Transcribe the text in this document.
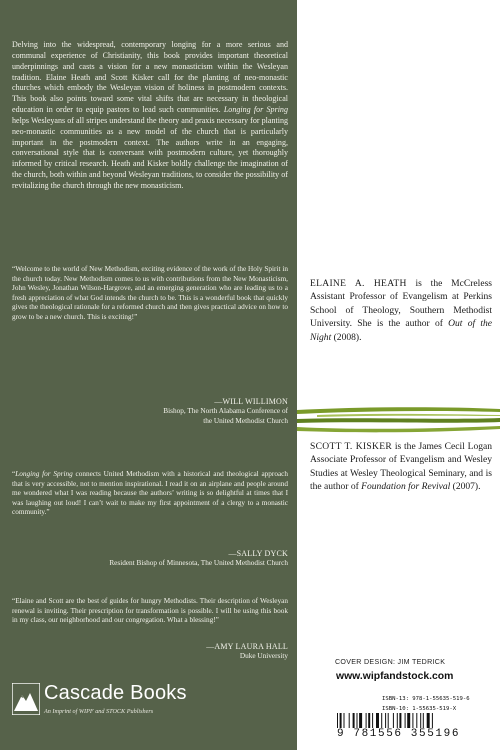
Delving into the widespread, contemporary longing for a more serious and communal experience of Christianity, this book provides important theoretical underpinnings and casts a vision for a new monasticism within the Wesleyan tradition. Elaine Heath and Scott Kisker call for the planting of neo-monastic churches which embody the Wesleyan vision of holiness in postmodern contexts. This book also points toward some vital shifts that are necessary in theological education in order to equip pastors to lead such communities. Longing for Spring helps Wesleyans of all stripes understand the theory and praxis necessary for planting neo-monastic communities as a new model of the church that is particularly important in the postmodern context. The authors write in an engaging, conversational style that is conversant with postmodern culture, yet thoroughly informed by critical research. Heath and Kisker boldly challenge the imagination of the church, both within and beyond Wesleyan traditions, to consider the possibility of revitalizing the church through the new monasticism.

“Welcome to the world of New Methodism, exciting evidence of the work of the Holy Spirit in the church today. New Methodism comes to us with contributions from the New Monasticism, John Wesley, Jonathan Wilson-Hargrove, and an emerging generation who are leading us to a fresh appreciation of what God intends the church to be. This is a wonderful book that quickly gives the theological rationale for a reformed church and then gives practical advice on how to grow to be a new church. This is exciting!”

—WILL WILLIMON
Bishop, The North Alabama Conference of
the United Methodist Church

“Longing for Spring connects United Methodism with a historical and theological approach that is very accessible, not to mention inspirational. I read it on an airplane and people around me wondered what I was reading because the authors’ writing is so delightful at times that I was laughing out loud! I can’t wait to make my first appointment of a clergy to a monastic community.”

—SALLY DYCK
Resident Bishop of Minnesota, The United Methodist Church

“Elaine and Scott are the best of guides for hungry Methodists. Their description of Wesleyan renewal is inviting. Their prescription for transformation is possible. I will be using this book in my class, our neighborhood and our congregation. What a blessing!”

—AMY LAURA HALL
Duke University
Cascade Books
An Imprint of WIPF and STOCK Publishers

ELAINE A. HEATH is the McCreless Assistant Professor of Evangelism at Perkins School of Theology, Southern Methodist University. She is the author of Out of the Night (2008).

SCOTT T. KISKER is the James Cecil Logan Associate Professor of Evangelism and Wesley Studies at Wesley Theological Seminary, and is the author of Foundation for Revival (2007).

COVER DESIGN: JIM TEDRICK
www.wipfandstock.com
ISBN-13: 978-1-55635-519-6
ISBN-10: 1-55635-519-X
9 781556 355196
